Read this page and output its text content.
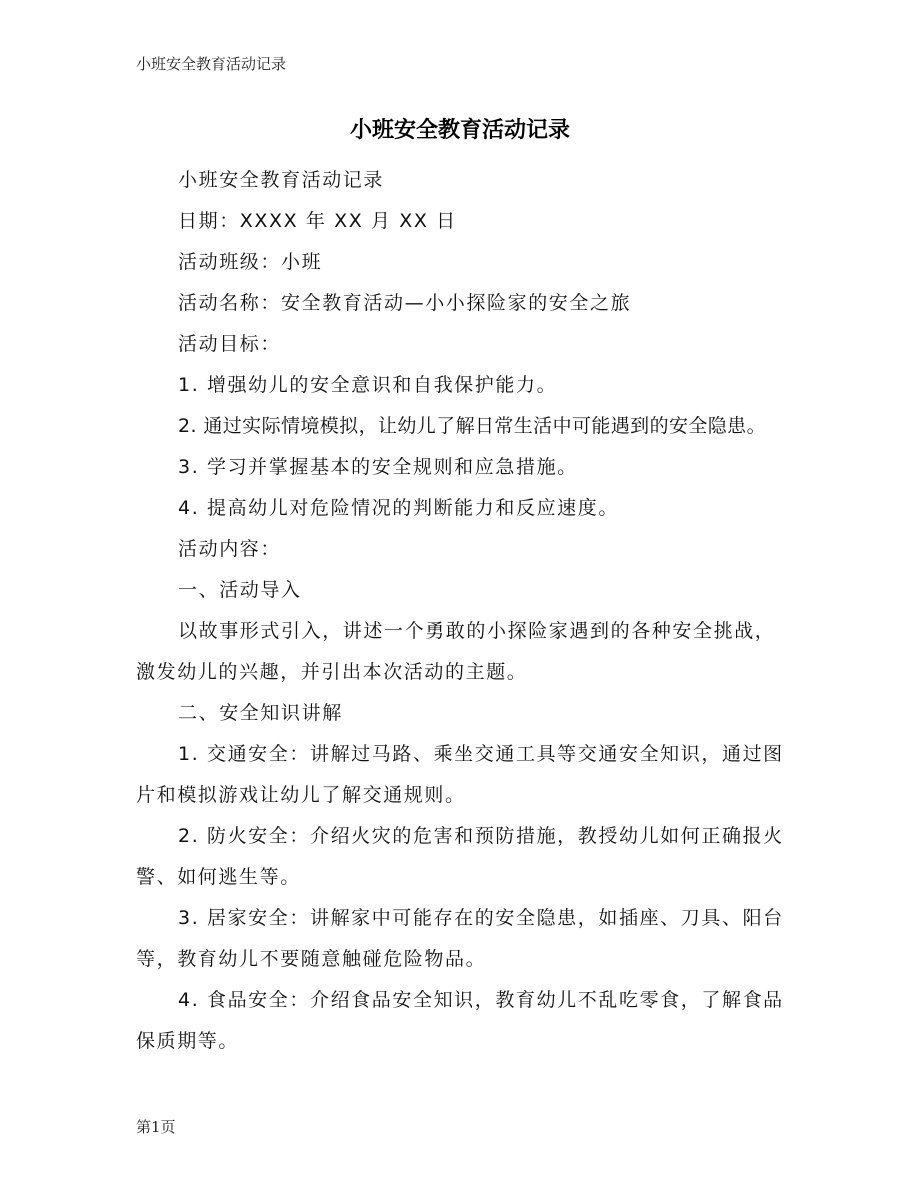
小班安全教育活动记录
小班安全教育活动记录

小班安全教育活动记录

日期：XXXX 年 XX 月 XX 日

活动班级：小班

活动名称：安全教育活动—小小探险家的安全之旅

活动目标：

1. 增强幼儿的安全意识和自我保护能力。

2. 通过实际情境模拟，让幼儿了解日常生活中可能遇到的安全隐患。

3. 学习并掌握基本的安全规则和应急措施。

4. 提高幼儿对危险情况的判断能力和反应速度。

活动内容：

一、活动导入

以故事形式引入，讲述一个勇敢的小探险家遇到的各种安全挑战，激发幼儿的兴趣，并引出本次活动的主题。

二、安全知识讲解

1. 交通安全：讲解过马路、乘坐交通工具等交通安全知识，通过图片和模拟游戏让幼儿了解交通规则。

2. 防火安全：介绍火灾的危害和预防措施，教授幼儿如何正确报火警、如何逃生等。

3. 居家安全：讲解家中可能存在的安全隐患，如插座、刀具、阳台等，教育幼儿不要随意触碰危险物品。

4. 食品安全：介绍食品安全知识，教育幼儿不乱吃零食，了解食品保质期等。

第1页
